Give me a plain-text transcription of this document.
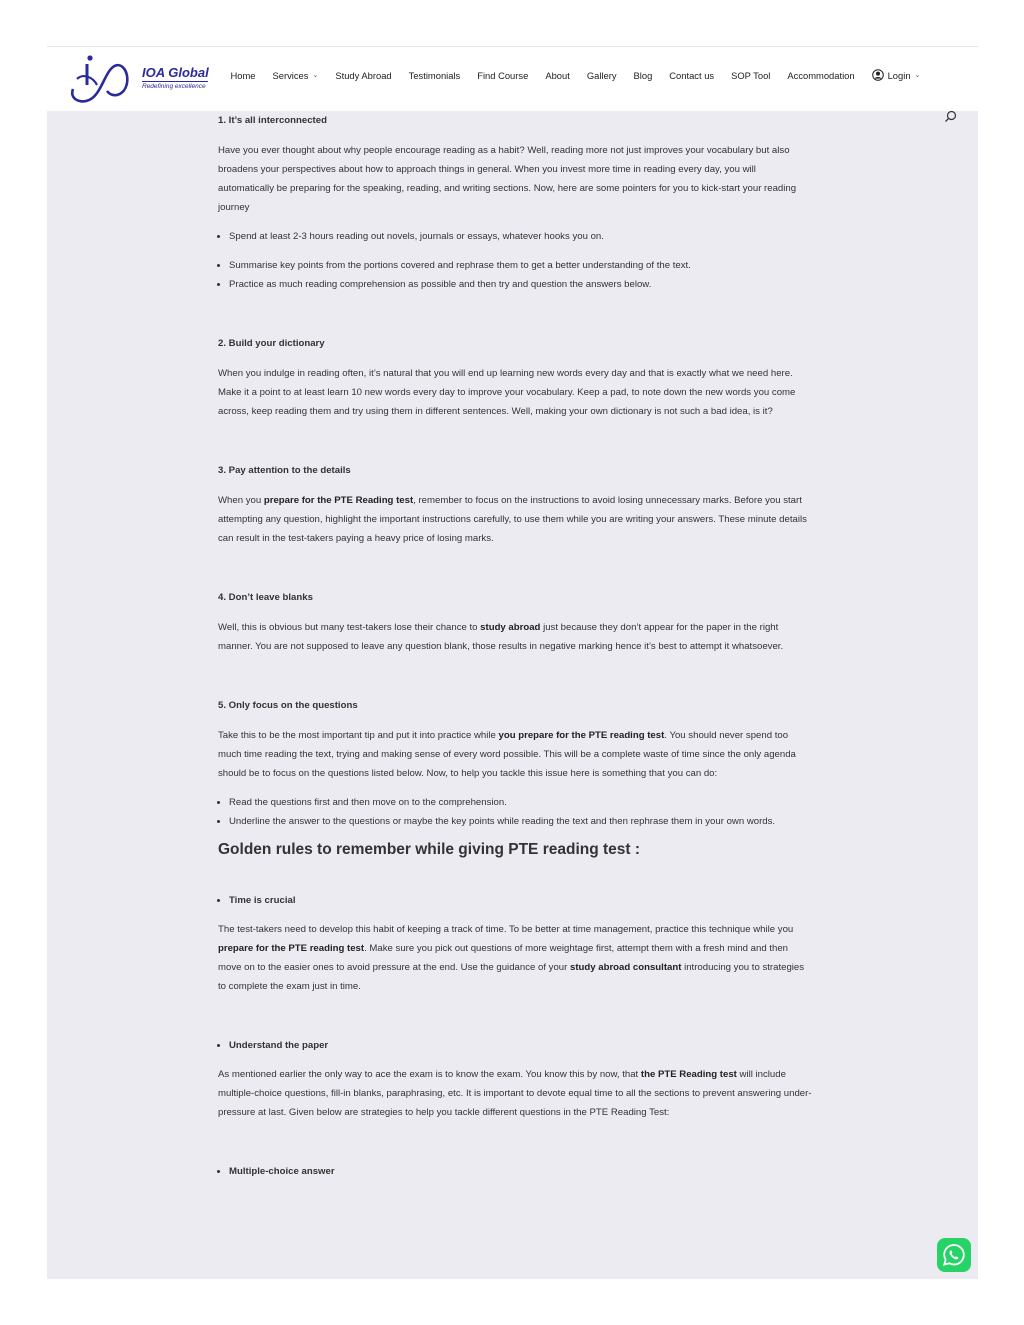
IOA Global
Redefining excellence
Home Services ⌄ Study Abroad Testimonials Find Course About Gallery Blog Contact us SOP Tool Accommodation	Login ⌄

1. It’s all interconnected

Have you ever thought about why people encourage reading as a habit? Well, reading more not just improves your vocabulary but also broadens your perspectives about how to approach things in general. When you invest more time in reading every day, you will automatically be preparing for the speaking, reading, and writing sections. Now, here are some pointers for you to kick-start your reading journey

• Spend at least 2-3 hours reading out novels, journals or essays, whatever hooks you on.
• Summarise key points from the portions covered and rephrase them to get a better understanding of the text.
• Practice as much reading comprehension as possible and then try and question the answers below.

2. Build your dictionary

When you indulge in reading often, it’s natural that you will end up learning new words every day and that is exactly what we need here. Make it a point to at least learn 10 new words every day to improve your vocabulary. Keep a pad, to note down the new words you come across, keep reading them and try using them in different sentences. Well, making your own dictionary is not such a bad idea, is it?

3. Pay attention to the details

When you prepare for the PTE Reading test, remember to focus on the instructions to avoid losing unnecessary marks. Before you start attempting any question, highlight the important instructions carefully, to use them while you are writing your answers. These minute details can result in the test-takers paying a heavy price of losing marks.

4. Don’t leave blanks

Well, this is obvious but many test-takers lose their chance to study abroad just because they don’t appear for the paper in the right manner. You are not supposed to leave any question blank, those results in negative marking hence it’s best to attempt it whatsoever.

5. Only focus on the questions

Take this to be the most important tip and put it into practice while you prepare for the PTE reading test. You should never spend too much time reading the text, trying and making sense of every word possible. This will be a complete waste of time since the only agenda should be to focus on the questions listed below. Now, to help you tackle this issue here is something that you can do:

• Read the questions first and then move on to the comprehension.
• Underline the answer to the questions or maybe the key points while reading the text and then rephrase them in your own words.

Golden rules to remember while giving PTE reading test :

• Time is crucial

The test-takers need to develop this habit of keeping a track of time. To be better at time management, practice this technique while you prepare for the PTE reading test. Make sure you pick out questions of more weightage first, attempt them with a fresh mind and then move on to the easier ones to avoid pressure at the end. Use the guidance of your study abroad consultant introducing you to strategies to complete the exam just in time.

• Understand the paper

As mentioned earlier the only way to ace the exam is to know the exam. You know this by now, that the PTE Reading test will include multiple-choice questions, fill-in blanks, paraphrasing, etc. It is important to devote equal time to all the sections to prevent answering under-pressure at last. Given below are strategies to help you tackle different questions in the PTE Reading Test:

• Multiple-choice answer
